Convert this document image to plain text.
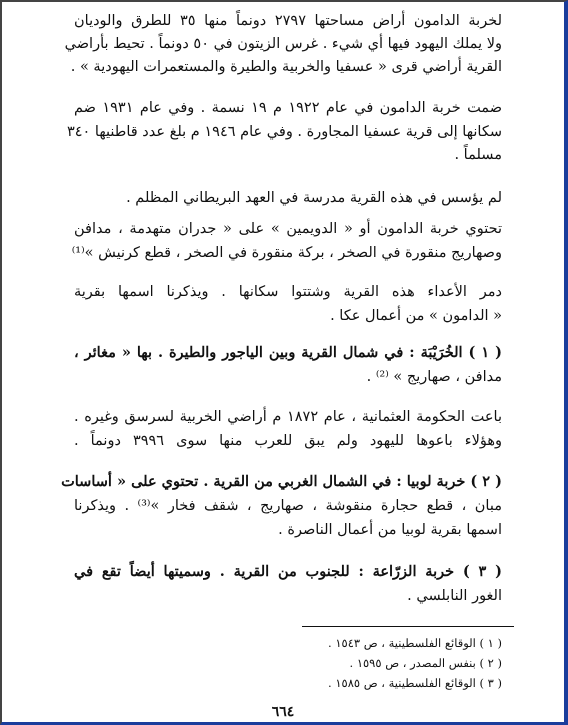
لخربة الدامون أراض مساحتها ٢٧٩٧ دونماً منها ٣٥ للطرق والوديان
ولا يملك اليهود فيها أي شيء . غرس الزيتون في ٥٠ دونماً . تحيط بأراضي
القرية أراضي قرى « عسفيا والخربية والطيرة والمستعمرات اليهودية » .
ضمت خربة الدامون في عام ١٩٢٢ م ١٩ نسمة . وفي عام ١٩٣١ ضم
سكانها إلى قرية عسفيا المجاورة . وفي عام ١٩٤٦ م بلغ عدد قاطنيها ٣٤٠
مسلماً .
لم يؤسس في هذه القرية مدرسة في العهد البريطاني المظلم .
تحتوي خربة الدامون أو « الدويمين » على « جدران متهدمة ، مدافن
وصهاريج منقورة في الصخر ، بركة منقورة في الصخر ، قطع كرنيش »⁽¹⁾
دمر الأعداء هذه القرية وشتتوا سكانها . ويذكرنا اسمها بقرية
« الدامون » من أعمال عكا .
( ١ ) الخُرَيْبَة : في شمال القرية وبين الياجور والطيرة . بها « مغائر ،
مدافن ، صهاريج » ⁽²⁾ .
باعت الحكومة العثمانية ، عام ١٨٧٢ م أراضي الخربية لسرسق وغيره .
وهؤلاء باعوها لليهود ولم يبق للعرب منها سوى ٣٩٩٦ دونماً .
( ٢ ) خربة لوبيا : في الشمال الغربي من القرية . تحتوي على « أساسات
مبان ، قطع حجارة منقوشة ، صهاريج ، شقف فخار »⁽³⁾ . ويذكرنا
اسمها بقرية لوبيا من أعمال الناصرة .
( ٣ ) خربة الزرّاعة : للجنوب من القرية . وسميتها أيضاً تقع في
الغور النابلسي .
( ١ ) الوقائع الفلسطينية ، ص ١٥٤٣ .
( ٢ ) بنفس المصدر ، ص ١٥٩٥ .
( ٣ ) الوقائع الفلسطينية ، ص ١٥٨٥ .
٦٦٤
